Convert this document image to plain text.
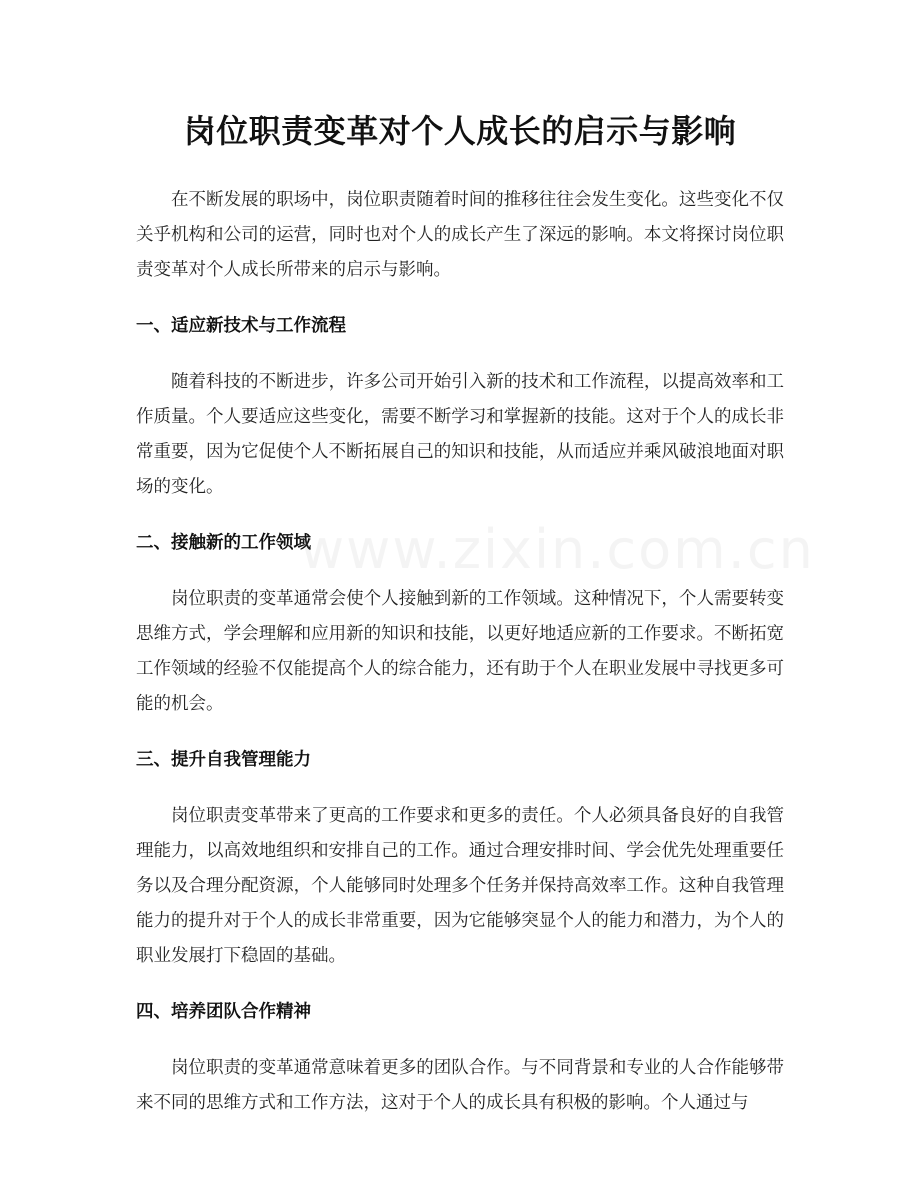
www.zixin.com.cn
岗位职责变革对个人成长的启示与影响

在不断发展的职场中，岗位职责随着时间的推移往往会发生变化。这些变化不仅关乎机构和公司的运营，同时也对个人的成长产生了深远的影响。本文将探讨岗位职责变革对个人成长所带来的启示与影响。

一、适应新技术与工作流程

随着科技的不断进步，许多公司开始引入新的技术和工作流程，以提高效率和工作质量。个人要适应这些变化，需要不断学习和掌握新的技能。这对于个人的成长非常重要，因为它促使个人不断拓展自己的知识和技能，从而适应并乘风破浪地面对职场的变化。

二、接触新的工作领域

岗位职责的变革通常会使个人接触到新的工作领域。这种情况下，个人需要转变思维方式，学会理解和应用新的知识和技能，以更好地适应新的工作要求。不断拓宽工作领域的经验不仅能提高个人的综合能力，还有助于个人在职业发展中寻找更多可能的机会。

三、提升自我管理能力

岗位职责变革带来了更高的工作要求和更多的责任。个人必须具备良好的自我管理能力，以高效地组织和安排自己的工作。通过合理安排时间、学会优先处理重要任务以及合理分配资源，个人能够同时处理多个任务并保持高效率工作。这种自我管理能力的提升对于个人的成长非常重要，因为它能够突显个人的能力和潜力，为个人的职业发展打下稳固的基础。

四、培养团队合作精神

岗位职责的变革通常意味着更多的团队合作。与不同背景和专业的人合作能够带来不同的思维方式和工作方法，这对于个人的成长具有积极的影响。个人通过与
